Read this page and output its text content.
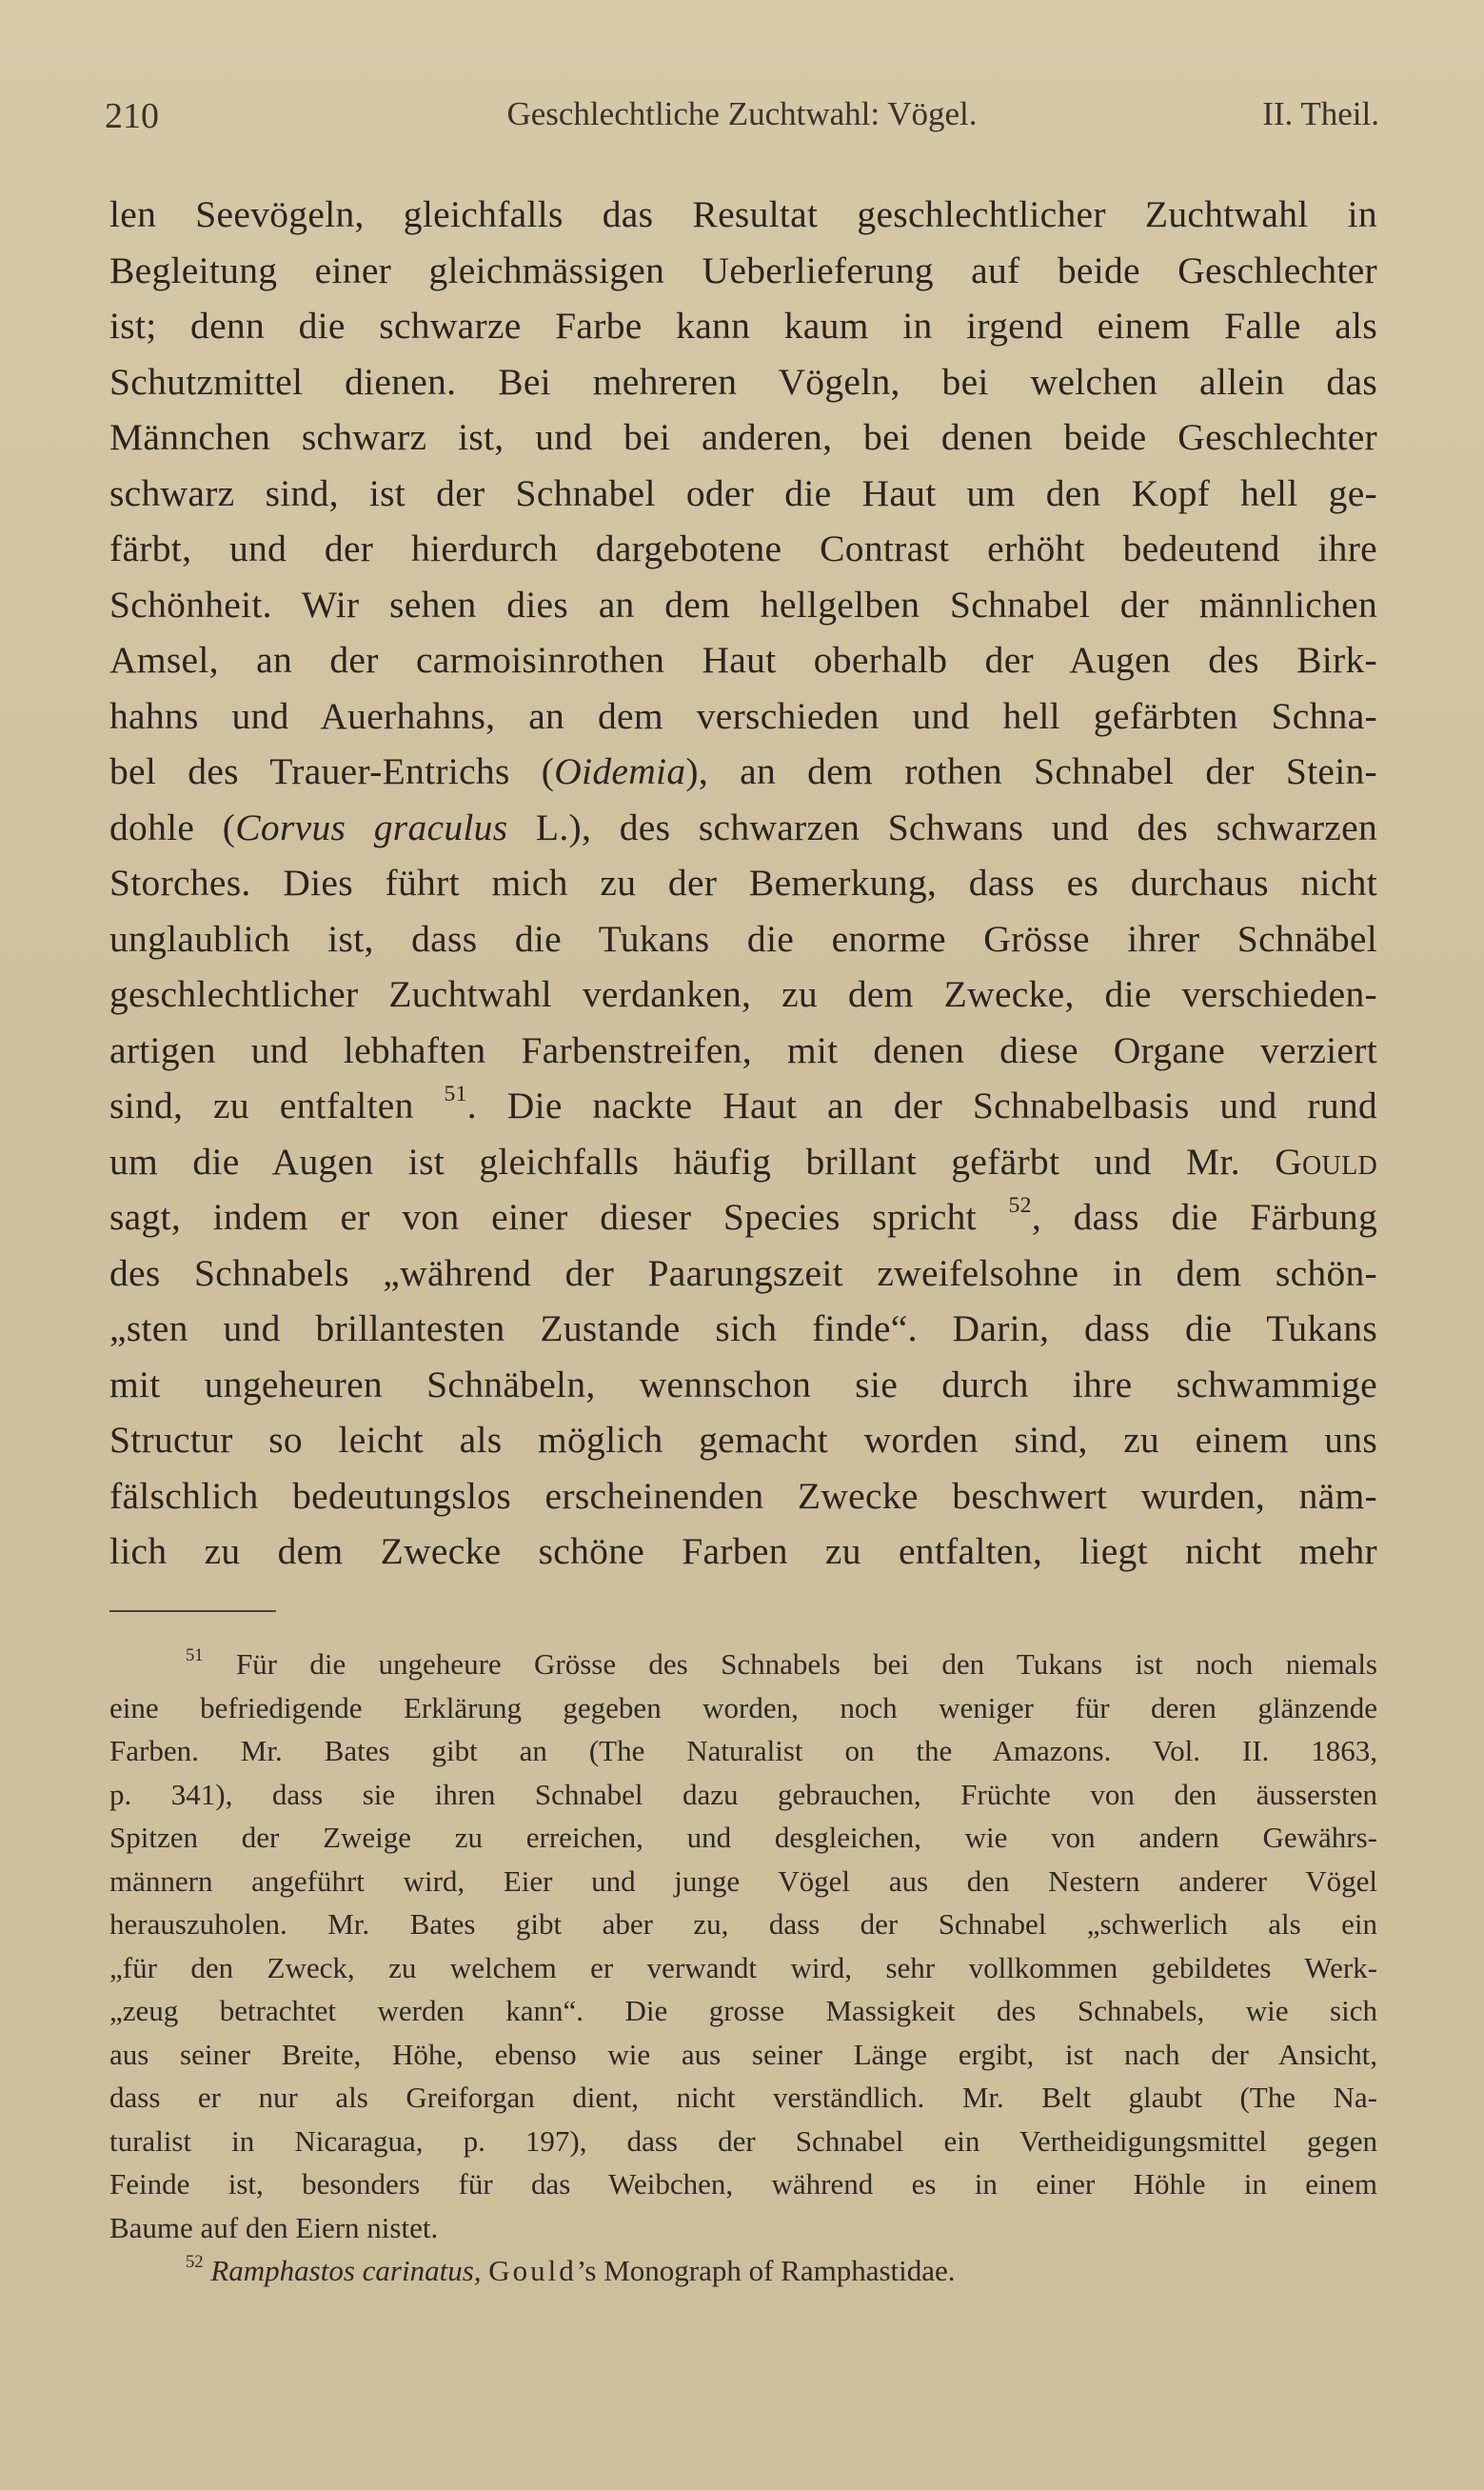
210	Geschlechtliche Zuchtwahl: Vögel.	II. Theil.
len Seevögeln, gleichfalls das Resultat geschlechtlicher Zuchtwahl in
Begleitung einer gleichmässigen Ueberlieferung auf beide Geschlechter
ist; denn die schwarze Farbe kann kaum in irgend einem Falle als
Schutzmittel dienen. Bei mehreren Vögeln, bei welchen allein das
Männchen schwarz ist, und bei anderen, bei denen beide Geschlechter
schwarz sind, ist der Schnabel oder die Haut um den Kopf hell ge-
färbt, und der hierdurch dargebotene Contrast erhöht bedeutend ihre
Schönheit. Wir sehen dies an dem hellgelben Schnabel der männlichen
Amsel, an der carmoisinrothen Haut oberhalb der Augen des Birk-
hahns und Auerhahns, an dem verschieden und hell gefärbten Schna-
bel des Trauer-Entrichs (Oidemia), an dem rothen Schnabel der Stein-
dohle (Corvus graculus L.), des schwarzen Schwans und des schwarzen
Storches. Dies führt mich zu der Bemerkung, dass es durchaus nicht
unglaublich ist, dass die Tukans die enorme Grösse ihrer Schnäbel
geschlechtlicher Zuchtwahl verdanken, zu dem Zwecke, die verschieden-
artigen und lebhaften Farbenstreifen, mit denen diese Organe verziert
sind, zu entfalten $^{51}$. Die nackte Haut an der Schnabelbasis und rund
um die Augen ist gleichfalls häufig brillant gefärbt und Mr. Gould
sagt, indem er von einer dieser Species spricht $^{52}$, dass die Färbung
des Schnabels „während der Paarungszeit zweifelsohne in dem schön-
„sten und brillantesten Zustande sich finde“. Darin, dass die Tukans
mit ungeheuren Schnäbeln, wennschon sie durch ihre schwammige
Structur so leicht als möglich gemacht worden sind, zu einem uns
fälschlich bedeutungslos erscheinenden Zwecke beschwert wurden, näm-
lich zu dem Zwecke schöne Farben zu entfalten, liegt nicht mehr
$^{51}$ Für die ungeheure Grösse des Schnabels bei den Tukans ist noch niemals
eine befriedigende Erklärung gegeben worden, noch weniger für deren glänzende
Farben. Mr. Bates gibt an (The Naturalist on the Amazons. Vol. II. 1863,
p. 341), dass sie ihren Schnabel dazu gebrauchen, Früchte von den äussersten
Spitzen der Zweige zu erreichen, und desgleichen, wie von andern Gewährs-
männern angeführt wird, Eier und junge Vögel aus den Nestern anderer Vögel
herauszuholen. Mr. Bates gibt aber zu, dass der Schnabel „schwerlich als ein
„für den Zweck, zu welchem er verwandt wird, sehr vollkommen gebildetes Werk-
„zeug betrachtet werden kann“. Die grosse Massigkeit des Schnabels, wie sich
aus seiner Breite, Höhe, ebenso wie aus seiner Länge ergibt, ist nach der Ansicht,
dass er nur als Greiforgan dient, nicht verständlich. Mr. Belt glaubt (The Na-
turalist in Nicaragua, p. 197), dass der Schnabel ein Vertheidigungsmittel gegen
Feinde ist, besonders für das Weibchen, während es in einer Höhle in einem
Baume auf den Eiern nistet.
$^{52}$ Ramphastos carinatus, Gould’s Monograph of Ramphastidae.
